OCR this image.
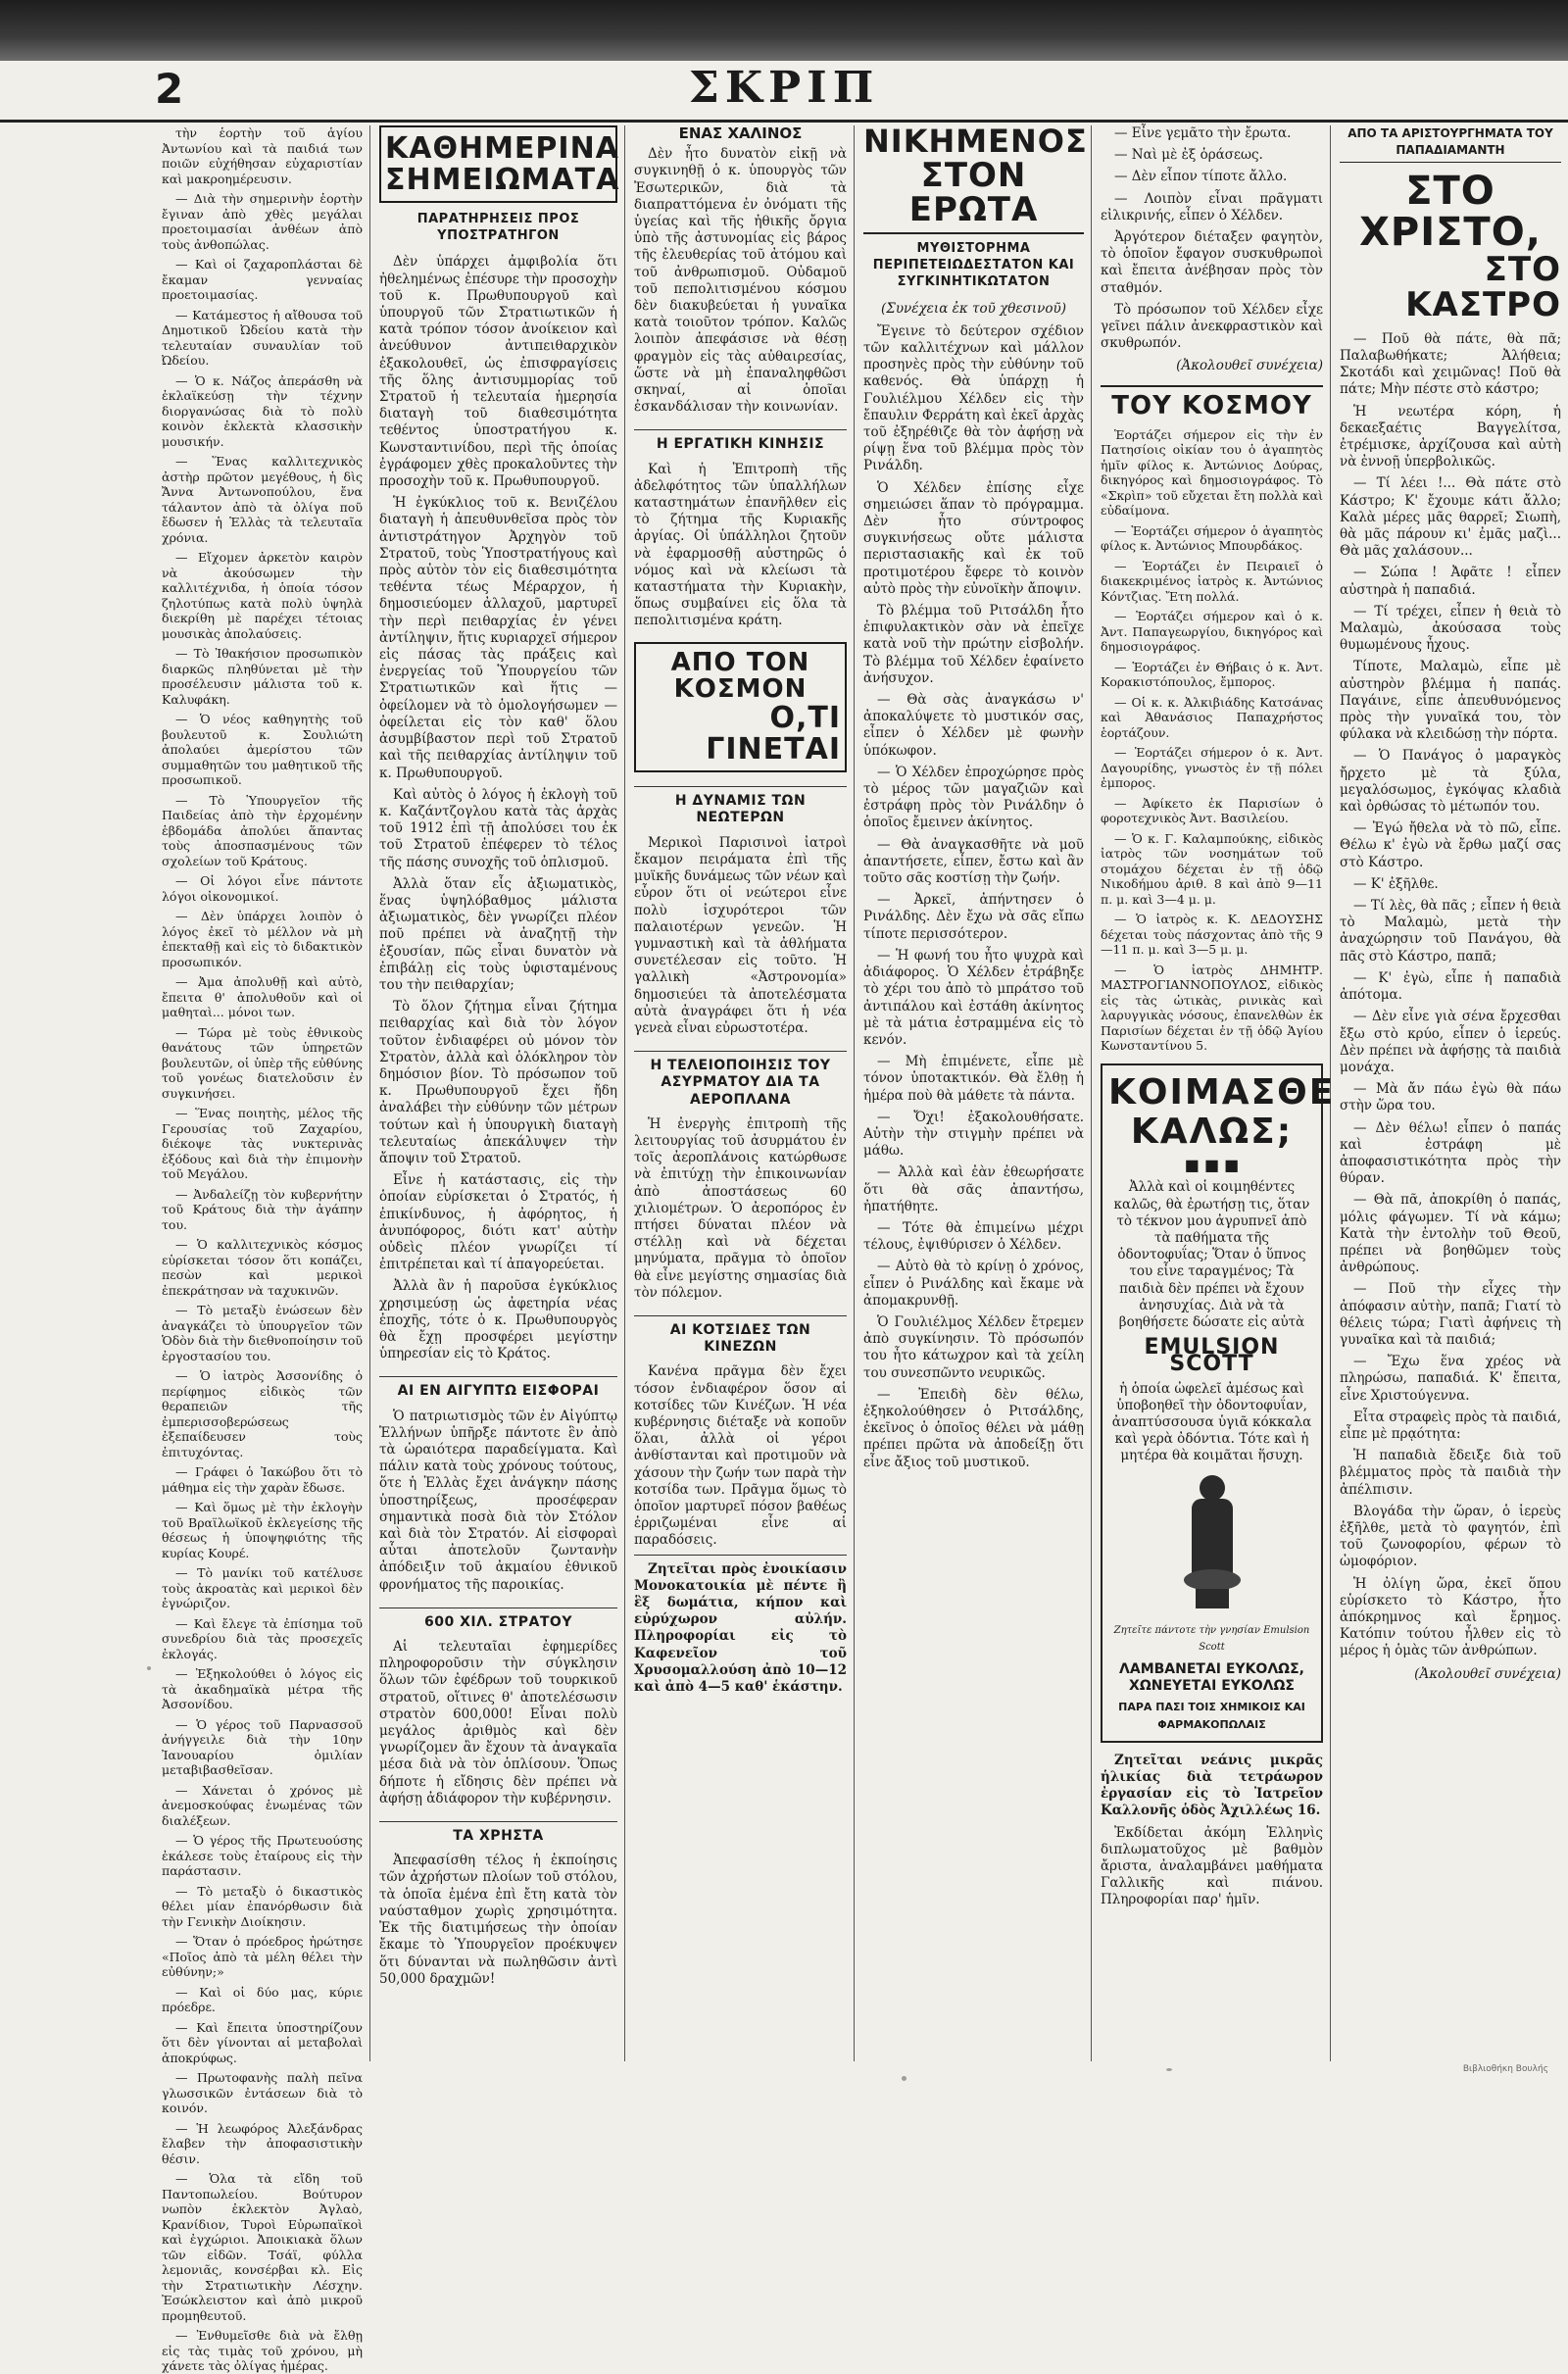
2	ΣΚΡΙΠ

τὴν ἑορτὴν τοῦ ἁγίου Ἀντωνίου καὶ τὰ παιδιά των ποιῶν εὐχήθησαν εὐχαριστίαν καὶ μακροημέρευσιν.

— Διὰ τὴν σημερινὴν ἑορτὴν ἔγιναν ἀπὸ χθὲς μεγάλαι προετοιμασίαι ἀνθέων ἀπὸ τοὺς ἀνθοπώλας.

— Καὶ οἱ ζαχαροπλάσται δὲ ἔκαμαν γενναίας προετοιμασίας.

— Κατάμεστος ἡ αἴθουσα τοῦ Δημοτικοῦ Ὠδείου κατὰ τὴν τελευταίαν συναυλίαν τοῦ Ὠδείου.

— Ὁ κ. Νάζος ἀπεράσθη νὰ ἐκλαϊκεύσῃ τὴν τέχνην διοργανώσας διὰ τὸ πολὺ κοινὸν ἐκλεκτὰ κλασσικὴν μουσικήν.

— Ἕνας καλλιτεχνικὸς ἀστὴρ πρῶτον μεγέθους, ἡ δὶς Ἄννα Ἀντωνοπούλου, ἔνα τάλαντον ἀπὸ τὰ ὀλίγα ποῦ ἔδωσεν ἡ Ἑλλὰς τὰ τελευταῖα χρόνια.

— Εἴχομεν ἀρκετὸν καιρὸν νὰ ἀκούσωμεν τὴν καλλιτέχνιδα, ἡ ὁποία τόσον ζηλοτύπως κατὰ πολὺ ὑψηλὰ διεκρίθη μὲ παρέχει τέτοιας μουσικὰς ἀπολαύσεις.

— Τὸ Ἰθακήσιον προσωπικὸν διαρκῶς πληθύνεται μὲ τὴν προσέλευσιν μάλιστα τοῦ κ. Καλυφάκη.

— Ὁ νέος καθηγητὴς τοῦ βουλευτοῦ κ. Σουλιώτη ἀπολαύει ἀμερίστου τῶν συμμαθητῶν του μαθητικοῦ τῆς προσωπικοῦ.

— Τὸ Ὑπουργεῖον τῆς Παιδείας ἀπὸ τὴν ἐρχομένην ἑβδομάδα ἀπολύει ἅπαντας τοὺς ἀποσπασμένους τῶν σχολείων τοῦ Κράτους.

— Οἱ λόγοι εἶνε πάντοτε λόγοι οἰκονομικοί.

— Δὲν ὑπάρχει λοιπὸν ὁ λόγος ἐκεῖ τὸ μέλλον νὰ μὴ ἐπεκταθῇ καὶ εἰς τὸ διδακτικὸν προσωπικόν.

— Ἀμα ἀπολυθῇ καὶ αὐτὸ, ἔπειτα θ' ἀπολυθοῦν καὶ οἱ μαθηταὶ... μόνοι των.

— Τώρα μὲ τοὺς ἐθνικοὺς θανάτους τῶν ὑπηρετῶν βουλευτῶν, οἱ ὑπὲρ τῆς εὐθύνης τοῦ γονέως διατελοῦσιν ἐν συγκινήσει.

— Ἕνας ποιητὴς, μέλος τῆς Γερουσίας τοῦ Ζαχαρίου, διέκοψε τὰς νυκτερινὰς ἐξόδους καὶ διὰ τὴν ἐπιμονὴν τοῦ Μεγάλου.

— Ἀνδαλείζῃ τὸν κυβερνήτην τοῦ Κράτους διὰ τὴν ἀγάπην του.

— Ὁ καλλιτεχνικὸς κόσμος εὑρίσκεται τόσον ὅτι κοπάζει, πεσὼν καὶ μερικοὶ ἐπεκράτησαν νὰ ταχυκινῶν.

— Τὸ μεταξὺ ἐνώσεων δὲν ἀναγκάζει τὸ ὑπουργεῖον τῶν Ὁδὸν διὰ τὴν διεθνοποίησιν τοῦ ἐργοστασίου του.

— Ὁ ἰατρὸς Ἀσσονίδης ὁ περίφημος εἰδικὸς τῶν θεραπειῶν τῆς ἐμπερισσοβερώσεως ἐξεπαίδευσεν τοὺς ἐπιτυχόντας.

— Γράφει ὁ Ἰακώβου ὅτι τὸ μάθημα εἰς τὴν χαρὰν ἔδωσε.

— Καὶ ὅμως μὲ τὴν ἐκλογὴν τοῦ Βραϊλωϊκοῦ ἐκλεγείσης τῆς θέσεως ἡ ὑποψηφιότης τῆς κυρίας Κουρέ.

— Τὸ μανίκι τοῦ κατέλυσε τοὺς ἀκροατὰς καὶ μερικοὶ δὲν ἐγνώριζον.

— Καὶ ἔλεγε τὰ ἐπίσημα τοῦ συνεδρίου διὰ τὰς προσεχεῖς ἐκλογάς.

— Ἐξηκολούθει ὁ λόγος εἰς τὰ ἀκαδημαϊκὰ μέτρα τῆς Ἀσσονίδου.

— Ὁ γέρος τοῦ Παρνασσοῦ ἀνήγγειλε διὰ τὴν 10ην Ἰανουαρίου ὁμιλίαν μεταβιβασθεῖσαν.

— Χάνεται ὁ χρόνος μὲ ἀνεμοσκούφας ἑνωμένας τῶν διαλέξεων.

— Ὁ γέρος τῆς Πρωτευούσης ἐκάλεσε τοὺς ἐταίρους εἰς τὴν παράστασιν.

— Τὸ μεταξὺ ὁ δικαστικὸς θέλει μίαν ἐπανόρθωσιν διὰ τὴν Γενικὴν Διοίκησιν.

— Ὅταν ὁ πρόεδρος ἠρώτησε «Ποῖος ἀπὸ τὰ μέλη θέλει τὴν εὐθύνην;»

— Καὶ οἱ δύο μας, κύριε πρόεδρε.

— Καὶ ἔπειτα ὑποστηρίζουν ὅτι δὲν γίνονται αἱ μεταβολαὶ ἀποκρύφως.

— Πρωτοφανὴς παλὴ πεῖνα γλωσσικῶν ἐντάσεων διὰ τὸ κοινόν.

— Ἡ λεωφόρος Ἀλεξάνδρας ἔλαβεν τὴν ἀποφασιστικὴν θέσιν.

— Ὁλα τὰ εἴδη τοῦ Παντοπωλείου. Βούτυρον νωπὸν ἐκλεκτὸν Ἀγλαὸ, Κρανίδιον, Τυροὶ Εὐρωπαϊκοὶ καὶ ἐγχώριοι. Ἀποικιακὰ ὅλων τῶν εἰδῶν. Τσάϊ, φύλλα λεμονιᾶς, κονσέρβαι κλ. Εἰς τὴν Στρατιωτικὴν Λέσχην. Ἐσώκλειστον καὶ ἀπὸ μικροῦ προμηθευτοῦ.

— Ἐνθυμεῖσθε διὰ νὰ ἔλθῃ εἰς τὰς τιμὰς τοῦ χρόνου, μὴ χάνετε τὰς ὀλίγας ἡμέρας.

ΚΑΘΗΜΕΡΙΝΑ
ΣΗΜΕΙΩΜΑΤΑ
ΠΑΡΑΤΗΡΗΣΕΙΣ ΠΡΟΣ ΥΠΟΣΤΡΑΤΗΓΟΝ

Δὲν ὑπάρχει ἀμφιβολία ὅτι ἠθελημένως ἐπέσυρε τὴν προσοχὴν τοῦ κ. Πρωθυπουργοῦ καὶ ὑπουργοῦ τῶν Στρατιωτικῶν ἡ κατὰ τρόπον τόσον ἀνοίκειον καὶ ἀνεύθυνον ἀντιπειθαρχικὸν ἐξακολουθεῖ, ὡς ἐπισφραγίσεις τῆς ὅλης ἀντισυμμορίας τοῦ Στρατοῦ ἡ τελευταία ἡμερησία διαταγὴ τοῦ διαθεσιμότητα τεθέντος ὑποστρατήγου κ. Κωνσταντινίδου, περὶ τῆς ὁποίας ἐγράφομεν χθὲς προκαλοῦντες τὴν προσοχὴν τοῦ κ. Πρωθυπουργοῦ.

Ἡ ἐγκύκλιος τοῦ κ. Βενιζέλου διαταγὴ ἡ ἀπευθυνθεῖσα πρὸς τὸν ἀντιστράτηγον Ἀρχηγὸν τοῦ Στρατοῦ, τοὺς Ὑποστρατήγους καὶ πρὸς αὐτὸν τὸν εἰς διαθεσιμότητα τεθέντα τέως Μέραρχον, ἡ δημοσιεύομεν ἀλλαχοῦ, μαρτυρεῖ τὴν περὶ πειθαρχίας ἐν γένει ἀντίληψιν, ἥτις κυριαρχεῖ σήμερον εἰς πάσας τὰς πράξεις καὶ ἐνεργείας τοῦ Ὑπουργείου τῶν Στρατιωτικῶν καὶ ἥτις — ὀφείλομεν νὰ τὸ ὁμολογήσωμεν — ὀφείλεται εἰς τὸν καθ' ὅλου ἀσυμβίβαστον περὶ τοῦ Στρατοῦ καὶ τῆς πειθαρχίας ἀντίληψιν τοῦ κ. Πρωθυπουργοῦ.

Καὶ αὐτὸς ὁ λόγος ἡ ἐκλογὴ τοῦ κ. Καζάντζογλου κατὰ τὰς ἀρχὰς τοῦ 1912 ἐπὶ τῇ ἀπολύσει του ἐκ τοῦ Στρατοῦ ἐπέφερεν τὸ τέλος τῆς πάσης συνοχῆς τοῦ ὁπλισμοῦ.

Ἀλλὰ ὅταν εἷς ἀξιωματικὸς, ἕνας ὑψηλόβαθμος μάλιστα ἀξιωματικὸς, δὲν γνωρίζει πλέον ποῦ πρέπει νὰ ἀναζητῇ τὴν ἐξουσίαν, πῶς εἶναι δυνατὸν νὰ ἐπιβάλῃ εἰς τοὺς ὑφισταμένους του τὴν πειθαρχίαν;

Τὸ ὅλον ζήτημα εἶναι ζήτημα πειθαρχίας καὶ διὰ τὸν λόγον τοῦτον ἐνδιαφέρει οὐ μόνον τὸν Στρατὸν, ἀλλὰ καὶ ὁλόκληρον τὸν δημόσιον βίον. Τὸ πρόσωπον τοῦ κ. Πρωθυπουργοῦ ἔχει ἤδη ἀναλάβει τὴν εὐθύνην τῶν μέτρων τούτων καὶ ἡ ὑπουργικὴ διαταγὴ τελευταίως ἀπεκάλυψεν τὴν ἄποψιν τοῦ Στρατοῦ.

Εἶνε ἡ κατάστασις, εἰς τὴν ὁποίαν εὑρίσκεται ὁ Στρατός, ἡ ἐπικίνδυνος, ἡ ἀφόρητος, ἡ ἀνυπόφορος, διότι κατ' αὐτὴν οὐδεὶς πλέον γνωρίζει τί ἐπιτρέπεται καὶ τί ἀπαγορεύεται.

Ἀλλὰ ἂν ἡ παροῦσα ἐγκύκλιος χρησιμεύσῃ ὡς ἀφετηρία νέας ἐποχῆς, τότε ὁ κ. Πρωθυπουργὸς θὰ ἔχῃ προσφέρει μεγίστην ὑπηρεσίαν εἰς τὸ Κράτος.

ΑΙ ΕΝ ΑΙΓΥΠΤΩ ΕΙΣΦΟΡΑΙ

Ὁ πατριωτισμὸς τῶν ἐν Αἰγύπτῳ Ἑλλήνων ὑπῆρξε πάντοτε ἓν ἀπὸ τὰ ὡραιότερα παραδείγματα. Καὶ πάλιν κατὰ τοὺς χρόνους τούτους, ὅτε ἡ Ἑλλὰς ἔχει ἀνάγκην πάσης ὑποστηρίξεως, προσέφεραν σημαντικὰ ποσὰ διὰ τὸν Στόλον καὶ διὰ τὸν Στρατόν. Αἱ εἰσφοραὶ αὗται ἀποτελοῦν ζωντανὴν ἀπόδειξιν τοῦ ἀκμαίου ἐθνικοῦ φρονήματος τῆς παροικίας.

600 ΧΙΛ. ΣΤΡΑΤΟΥ

Αἱ τελευταῖαι ἐφημερίδες πληροφοροῦσιν τὴν σύγκλησιν ὅλων τῶν ἐφέδρων τοῦ τουρκικοῦ στρατοῦ, οἵτινες θ' ἀποτελέσωσιν στρατὸν 600,000! Εἶναι πολὺ μεγάλος ἀριθμὸς καὶ δὲν γνωρίζομεν ἂν ἔχουν τὰ ἀναγκαῖα μέσα διὰ νὰ τὸν ὁπλίσουν. Ὅπως δήποτε ἡ εἴδησις δὲν πρέπει νὰ ἀφήσῃ ἀδιάφορον τὴν κυβέρνησιν.

ΤΑ ΧΡΗΣΤΑ

Ἀπεφασίσθη τέλος ἡ ἐκποίησις τῶν ἀχρήστων πλοίων τοῦ στόλου, τὰ ὁποῖα ἐμένα ἐπὶ ἔτη κατὰ τὸν ναύσταθμον χωρὶς χρησιμότητα. Ἐκ τῆς διατιμήσεως τὴν ὁποίαν ἔκαμε τὸ Ὑπουργεῖον προέκυψεν ὅτι δύνανται νὰ πωληθῶσιν ἀντὶ 50,000 δραχμῶν!

ΕΝΑΣ ΧΑΛΙΝΟΣ

Δὲν ἦτο δυνατὸν εἰκῇ νὰ συγκινηθῇ ὁ κ. ὑπουργὸς τῶν Ἐσωτερικῶν, διὰ τὰ διαπραττόμενα ἐν ὀνόματι τῆς ὑγείας καὶ τῆς ἠθικῆς ὄργια ὑπὸ τῆς ἀστυνομίας εἰς βάρος τῆς ἐλευθερίας τοῦ ἀτόμου καὶ τοῦ ἀνθρωπισμοῦ. Οὐδαμοῦ τοῦ πεπολιτισμένου κόσμου δὲν διακυβεύεται ἡ γυναῖκα κατὰ τοιοῦτον τρόπον. Καλῶς λοιπὸν ἀπεφάσισε νὰ θέσῃ φραγμὸν εἰς τὰς αὐθαιρεσίας, ὥστε νὰ μὴ ἐπαναληφθῶσι σκηναί, αἱ ὁποῖαι ἐσκανδάλισαν τὴν κοινωνίαν.

Η ΕΡΓΑΤΙΚΗ ΚΙΝΗΣΙΣ

Καὶ ἡ Ἐπιτροπὴ τῆς ἀδελφότητος τῶν ὑπαλλήλων καταστημάτων ἐπανῆλθεν εἰς τὸ ζήτημα τῆς Κυριακῆς ἀργίας. Οἱ ὑπάλληλοι ζητοῦν νὰ ἐφαρμοσθῇ αὐστηρῶς ὁ νόμος καὶ νὰ κλείωσι τὰ καταστήματα τὴν Κυριακὴν, ὅπως συμβαίνει εἰς ὅλα τὰ πεπολιτισμένα κράτη.

ΑΠΟ ΤΟΝ ΚΟΣΜΟΝ
Ο,ΤΙ ΓΙΝΕΤΑΙ
Η ΔΥΝΑΜΙΣ ΤΩΝ ΝΕΩΤΕΡΩΝ

Μερικοὶ Παρισινοὶ ἰατροὶ ἔκαμον πειράματα ἐπὶ τῆς μυϊκῆς δυνάμεως τῶν νέων καὶ εὗρον ὅτι οἱ νεώτεροι εἶνε πολὺ ἰσχυρότεροι τῶν παλαιοτέρων γενεῶν. Ἡ γυμναστικὴ καὶ τὰ ἀθλήματα συνετέλεσαν εἰς τοῦτο. Ἡ γαλλικὴ «Ἀστρονομία» δημοσιεύει τὰ ἀποτελέσματα αὐτὰ ἀναγράφει ὅτι ἡ νέα γενεὰ εἶναι εὐρωστοτέρα.

Η ΤΕΛΕΙΟΠΟΙΗΣΙΣ ΤΟΥ ΑΣΥΡΜΑΤΟΥ ΔΙΑ ΤΑ ΑΕΡΟΠΛΑΝΑ

Ἡ ἐνεργὴς ἐπιτροπὴ τῆς λειτουργίας τοῦ ἀσυρμάτου ἐν τοῖς ἀεροπλάνοις κατώρθωσε νὰ ἐπιτύχῃ τὴν ἐπικοινωνίαν ἀπὸ ἀποστάσεως 60 χιλιομέτρων. Ὁ ἀεροπόρος ἐν πτήσει δύναται πλέον νὰ στέλλῃ καὶ νὰ δέχεται μηνύματα, πρᾶγμα τὸ ὁποῖον θὰ εἶνε μεγίστης σημασίας διὰ τὸν πόλεμον.

ΑΙ ΚΟΤΣΙΔΕΣ ΤΩΝ ΚΙΝΕΖΩΝ

Κανένα πρᾶγμα δὲν ἔχει τόσον ἐνδιαφέρον ὅσον αἱ κοτσίδες τῶν Κινέζων. Ἡ νέα κυβέρνησις διέταξε νὰ κοποῦν ὅλαι, ἀλλὰ οἱ γέροι ἀνθίστανται καὶ προτιμοῦν νὰ χάσουν τὴν ζωήν των παρὰ τὴν κοτσίδα των. Πρᾶγμα ὅμως τὸ ὁποῖον μαρτυρεῖ πόσον βαθέως ἐρριζωμέναι εἶνε αἱ παραδόσεις.

Ζητεῖται πρὸς ἐνοικίασιν Μονοκατοικία μὲ πέντε ἢ ἓξ δωμάτια, κήπον καὶ εὐρύχωρον αὐλήν. Πληροφορίαι εἰς τὸ Καφενεῖον τοῦ Χρυσομαλλούση ἀπὸ 10—12 καὶ ἀπὸ 4—5 καθ' ἑκάστην.

ΝΙΚΗΜΕΝΟΣ
ΣΤΟΝ ΕΡΩΤΑ
ΜΥΘΙΣΤΟΡΗΜΑ ΠΕΡΙΠΕΤΕΙΩΔΕΣΤΑΤΟΝ ΚΑΙ ΣΥΓΚΙΝΗΤΙΚΩΤΑΤΟΝ
(Συνέχεια ἐκ τοῦ χθεσινοῦ)

Ἔγεινε τὸ δεύτερον σχέδιον τῶν καλλιτέχνων καὶ μάλλον προσηνὲς πρὸς τὴν εὐθύνην τοῦ καθενός. Θὰ ὑπάρχῃ ἡ Γουλιέλμου Χέλδεν εἰς τὴν ἔπαυλιν Φερράτη καὶ ἐκεῖ ἀρχὰς τοῦ ἐξηρέθιζε θὰ τὸν ἀφήσῃ νὰ ρίψῃ ἕνα τοῦ βλέμμα πρὸς τὸν Ρινάλδη.

Ὁ Χέλδεν ἐπίσης εἶχε σημειώσει ἅπαν τὸ πρόγραμμα. Δὲν ἦτο σύντροφος συγκινήσεως οὔτε μάλιστα περιστασιακῆς καὶ ἐκ τοῦ προτιμοτέρου ἔφερε τὸ κοινὸν αὐτὸ πρὸς τὴν εὐνοϊκὴν ἄποψιν.

Τὸ βλέμμα τοῦ Ριτσάλδη ἦτο ἐπιφυλακτικὸν σὰν νὰ ἐπεῖχε κατὰ νοῦ τὴν πρώτην εἰσβολήν. Τὸ βλέμμα τοῦ Χέλδεν ἐφαίνετο ἀνήσυχον.

— Θὰ σὰς ἀναγκάσω ν' ἀποκαλύψετε τὸ μυστικόν σας, εἶπεν ὁ Χέλδεν μὲ φωνὴν ὑπόκωφον.

— Ὁ Χέλδεν ἐπροχώρησε πρὸς τὸ μέρος τῶν μαγαζιῶν καὶ ἐστράφη πρὸς τὸν Ρινάλδην ὁ ὁποῖος ἔμεινεν ἀκίνητος.

— Θὰ ἀναγκασθῆτε νὰ μοῦ ἀπαντήσετε, εἶπεν, ἔστω καὶ ἂν τοῦτο σᾶς κοστίσῃ τὴν ζωήν.

— Ἀρκεῖ, ἀπήντησεν ὁ Ρινάλδης. Δὲν ἔχω νὰ σᾶς εἴπω τίποτε περισσότερον.

— Ἡ φωνή του ἦτο ψυχρὰ καὶ ἀδιάφορος. Ὁ Χέλδεν ἐτράβηξε τὸ χέρι του ἀπὸ τὸ μπράτσο τοῦ ἀντιπάλου καὶ ἐστάθη ἀκίνητος μὲ τὰ μάτια ἐστραμμένα εἰς τὸ κενόν.

— Μὴ ἐπιμένετε, εἶπε μὲ τόνον ὑποτακτικόν. Θὰ ἔλθῃ ἡ ἡμέρα ποὺ θὰ μάθετε τὰ πάντα.

— Ὄχι! ἐξακολουθήσατε. Αὐτὴν τὴν στιγμὴν πρέπει νὰ μάθω.

— Ἀλλὰ καὶ ἐὰν ἐθεωρήσατε ὅτι θὰ σᾶς ἀπαντήσω, ἠπατήθητε.

— Τότε θὰ ἐπιμείνω μέχρι τέλους, ἐψιθύρισεν ὁ Χέλδεν.

— Αὐτὸ θὰ τὸ κρίνῃ ὁ χρόνος, εἶπεν ὁ Ρινάλδης καὶ ἔκαμε νὰ ἀπομακρυνθῇ.

Ὁ Γουλιέλμος Χέλδεν ἔτρεμεν ἀπὸ συγκίνησιν. Τὸ πρόσωπόν του ἦτο κάτωχρον καὶ τὰ χείλη του συνεσπῶντο νευρικῶς.

— Ἐπειδὴ δὲν θέλω, ἐξηκολούθησεν ὁ Ριτσάλδης, ἐκεῖνος ὁ ὁποῖος θέλει νὰ μάθῃ πρέπει πρῶτα νὰ ἀποδείξῃ ὅτι εἶνε ἄξιος τοῦ μυστικοῦ.

— Εἶνε γεμᾶτο τὴν ἔρωτα.

— Ναὶ μὲ ἐξ ὁράσεως.

— Δὲν εἶπον τίποτε ἄλλο.

— Λοιπὸν εἶναι πρᾶγματι εἰλικρινής, εἶπεν ὁ Χέλδεν.

Ἀργότερον διέταξεν φαγητὸν, τὸ ὁποῖον ἔφαγον συσκυθρωποὶ καὶ ἔπειτα ἀνέβησαν πρὸς τὸν σταθμόν.

Τὸ πρόσωπον τοῦ Χέλδεν εἶχε γεῖνει πάλιν ἀνεκφραστικὸν καὶ σκυθρωπόν.

(Ἀκολουθεῖ συνέχεια)
ΤΟΥ ΚΟΣΜΟΥ

Ἑορτάζει σήμερον εἰς τὴν ἐν Πατησίοις οἰκίαν του ὁ ἀγαπητὸς ἡμῖν φίλος κ. Ἀντώνιος Δούρας, δικηγόρος καὶ δημοσιογράφος. Τὸ «Σκρὶπ» τοῦ εὔχεται ἔτη πολλὰ καὶ εὐδαίμονα.

— Ἑορτάζει σήμερον ὁ ἀγαπητὸς φίλος κ. Ἀντώνιος Μπουρδάκος.

— Ἑορτάζει ἐν Πειραιεῖ ὁ διακεκριμένος ἰατρὸς κ. Ἀντώνιος Κόντζιας. Ἔτη πολλά.

— Ἑορτάζει σήμερον καὶ ὁ κ. Ἀντ. Παπαγεωργίου, δικηγόρος καὶ δημοσιογράφος.

— Ἑορτάζει ἐν Θήβαις ὁ κ. Ἀντ. Κορακιστόπουλος, ἔμπορος.

— Οἱ κ. κ. Ἀλκιβιάδης Κατσάνας καὶ Ἀθανάσιος Παπαχρήστος ἑορτάζουν.

— Ἑορτάζει σήμερον ὁ κ. Ἀντ. Δαγουρίδης, γνωστὸς ἐν τῇ πόλει ἐμπορος.

— Ἀφίκετο ἐκ Παρισίων ὁ φοροτεχνικὸς Ἀντ. Βασιλείου.

— Ὁ κ. Γ. Καλαμπούκης, εἰδικὸς ἰατρὸς τῶν νοσημάτων τοῦ στομάχου δέχεται ἐν τῇ ὁδῷ Νικοδήμου ἀριθ. 8 καὶ ἀπὸ 9—11 π. μ. καὶ 3—4 μ. μ.

— Ὁ ἰατρὸς κ. Κ. ΔΕΔΟΥΣΗΣ δέχεται τοὺς πάσχοντας ἀπὸ τῆς 9—11 π. μ. καὶ 3—5 μ. μ.

— Ὁ ἰατρὸς ΔΗΜΗΤΡ. ΜΑΣΤΡΟΓΙΑΝΝΟΠΟΥΛΟΣ, εἰδικὸς εἰς τὰς ὠτικὰς, ρινικὰς καὶ λαρυγγικὰς νόσους, ἐπανελθὼν ἐκ Παρισίων δέχεται ἐν τῇ ὁδῷ Ἁγίου Κωνσταντίνου 5.

ΚΟΙΜΑΣΘΕ
ΚΑΛΩΣ;
■ ■ ■

Ἀλλὰ καὶ οἱ κοιμηθέντες καλῶς, θὰ ἐρωτήσῃ τις, ὅταν τὸ τέκνον μου ἀγρυπνεῖ ἀπὸ τὰ παθήματα τῆς ὀδοντοφυΐας; Ὅταν ὁ ὕπνος του εἶνε ταραγμένος; Τὰ παιδιὰ δὲν πρέπει νὰ ἔχουν ἀνησυχίας. Διὰ νὰ τὰ βοηθήσετε δώσατε εἰς αὐτὰ

EMULSION SCOTT

ἡ ὁποία ὠφελεῖ ἀμέσως καὶ ὑποβοηθεῖ τὴν ὀδοντοφυΐαν, ἀναπτύσσουσα ὑγιᾶ κόκκαλα καὶ γερὰ ὀδόντια. Τότε καὶ ἡ μητέρα θὰ κοιμᾶται ἥσυχη.

Ζητεῖτε πάντοτε τὴν γνησίαν Emulsion Scott
ΛΑΜΒΑΝΕΤΑΙ ΕΥΚΟΛΩΣ, ΧΩΝΕΥΕΤΑΙ ΕΥΚΟΛΩΣ
ΠΑΡΑ ΠΑΣΙ ΤΟΙΣ ΧΗΜΙΚΟΙΣ ΚΑΙ ΦΑΡΜΑΚΟΠΩΛΑΙΣ

Ζητεῖται νεάνις μικρᾶς ἡλικίας διὰ τετράωρον ἐργασίαν εἰς τὸ Ἰατρεῖον Καλλονῆς ὁδὸς Ἀχιλλέως 16.

Ἐκδίδεται ἀκόμη Ἑλληνὶς διπλωματοῦχος μὲ βαθμὸν ἄριστα, ἀναλαμβάνει μαθήματα Γαλλικῆς καὶ πιάνου. Πληροφορίαι παρ' ἡμῖν.

ΑΠΟ ΤΑ ΑΡΙΣΤΟΥΡΓΗΜΑΤΑ ΤΟΥ ΠΑΠΑΔΙΑΜΑΝΤΗ
ΣΤΟ ΧΡΙΣΤΟ,
ΣΤΟ ΚΑΣΤΡΟ

— Ποῦ θὰ πάτε, θὰ πᾶ; Παλαβωθήκατε; Ἀλήθεια; Σκοτάδι καὶ χειμῶνας! Ποῦ θὰ πάτε; Μὴν πέστε στὸ κάστρο;

Ἡ νεωτέρα κόρη, ἡ δεκαεξαέτις Βαγγελίτσα, ἐτρέμισκε, ἀρχίζουσα καὶ αὐτὴ νὰ ἐννοῇ ὑπερβολικῶς.

— Τί λέει !... Θὰ πάτε στὸ Κάστρο; Κ' ἔχουμε κάτι ἄλλο; Καλὰ μέρες μᾶς θαρρεῖ; Σιωπὴ, θὰ μᾶς πάρουν κι' ἐμᾶς μαζὶ... Θὰ μᾶς χαλάσουν...

— Σώπα ! Ἀφᾶτε ! εἶπεν αὐστηρὰ ἡ παπαδιά.

— Τί τρέχει, εἶπεν ἡ θειὰ τὸ Μαλαμὼ, ἀκούσασα τοὺς θυμωμένους ἦχους.

Τίποτε, Μαλαμὼ, εἶπε μὲ αὐστηρὸν βλέμμα ἡ παπάς. Παγάινε, εἶπε ἀπευθυνόμενος πρὸς τὴν γυναῖκά του, τὸν φύλακα νὰ κλειδώσῃ τὴν πόρτα.

— Ὁ Πανάγος ὁ μαραγκὸς ἤρχετο μὲ τὰ ξύλα, μεγαλόσωμος, ἐγκόψας κλαδιὰ καὶ ὀρθώσας τὸ μέτωπόν του.

— Ἐγώ ἤθελα νὰ τὸ πῶ, εἶπε. Θέλω κ' ἐγὼ νὰ ἔρθω μαζί σας στὸ Κάστρο.

— Κ' ἐξῆλθε.

— Τί λὲς, θὰ πᾶς ; εἶπεν ἡ θειὰ τὸ Μαλαμὼ, μετὰ τὴν ἀναχώρησιν τοῦ Πανάγου, θὰ πᾶς στὸ Κάστρο, παπᾶ;

— Κ' ἐγὼ, εἶπε ἡ παπαδιὰ ἀπότομα.

— Δὲν εἶνε γιὰ σένα ἔρχεσθαι ἔξω στὸ κρύο, εἶπεν ὁ ἱερεύς. Δὲν πρέπει νὰ ἀφήσῃς τὰ παιδιὰ μονάχα.

— Μὰ ἄν πάω ἐγὼ θὰ πάω στὴν ὥρα του.

— Δὲν θέλω! εἶπεν ὁ παπάς καὶ ἐστράφη μὲ ἀποφασιστικότητα πρὸς τὴν θύραν.

— Θὰ πᾶ, ἀποκρίθη ὁ παπάς, μόλις φάγωμεν. Τί νὰ κάμω; Κατὰ τὴν ἐντολὴν τοῦ Θεοῦ, πρέπει νὰ βοηθῶμεν τοὺς ἀνθρώπους.

— Ποῦ τὴν εἶχες τὴν ἀπόφασιν αὐτὴν, παπᾶ; Γιατί τὸ θέλεις τώρα; Γιατὶ ἀφήνεις τὴ γυναῖκα καὶ τὰ παιδιά;

— Ἔχω ἕνα χρέος νὰ πληρώσω, παπαδιά. Κ' ἔπειτα, εἶνε Χριστούγεννα.

Εἶτα στραφεὶς πρὸς τὰ παιδιά, εἶπε μὲ πρᾳότητα:

Ἡ παπαδιὰ ἔδειξε διὰ τοῦ βλέμματος πρὸς τὰ παιδιὰ τὴν ἀπέλπισιν.

Βλογάδα τὴν ὥραν, ὁ ἱερεὺς ἐξῆλθε, μετὰ τὸ φαγητόν, ἐπὶ τοῦ ζωνοφορίου, φέρων τὸ ὠμοφόριον.

Ἡ ὀλίγη ὥρα, ἐκεῖ ὅπου εὑρίσκετο τὸ Κάστρο, ἦτο ἀπόκρημνος καὶ ἔρημος. Κατόπιν τούτου ἦλθεν εἰς τὸ μέρος ἡ ὁμὰς τῶν ἀνθρώπων.

(Ἀκολουθεῖ συνέχεια)
Βιβλιοθήκη Βουλής
